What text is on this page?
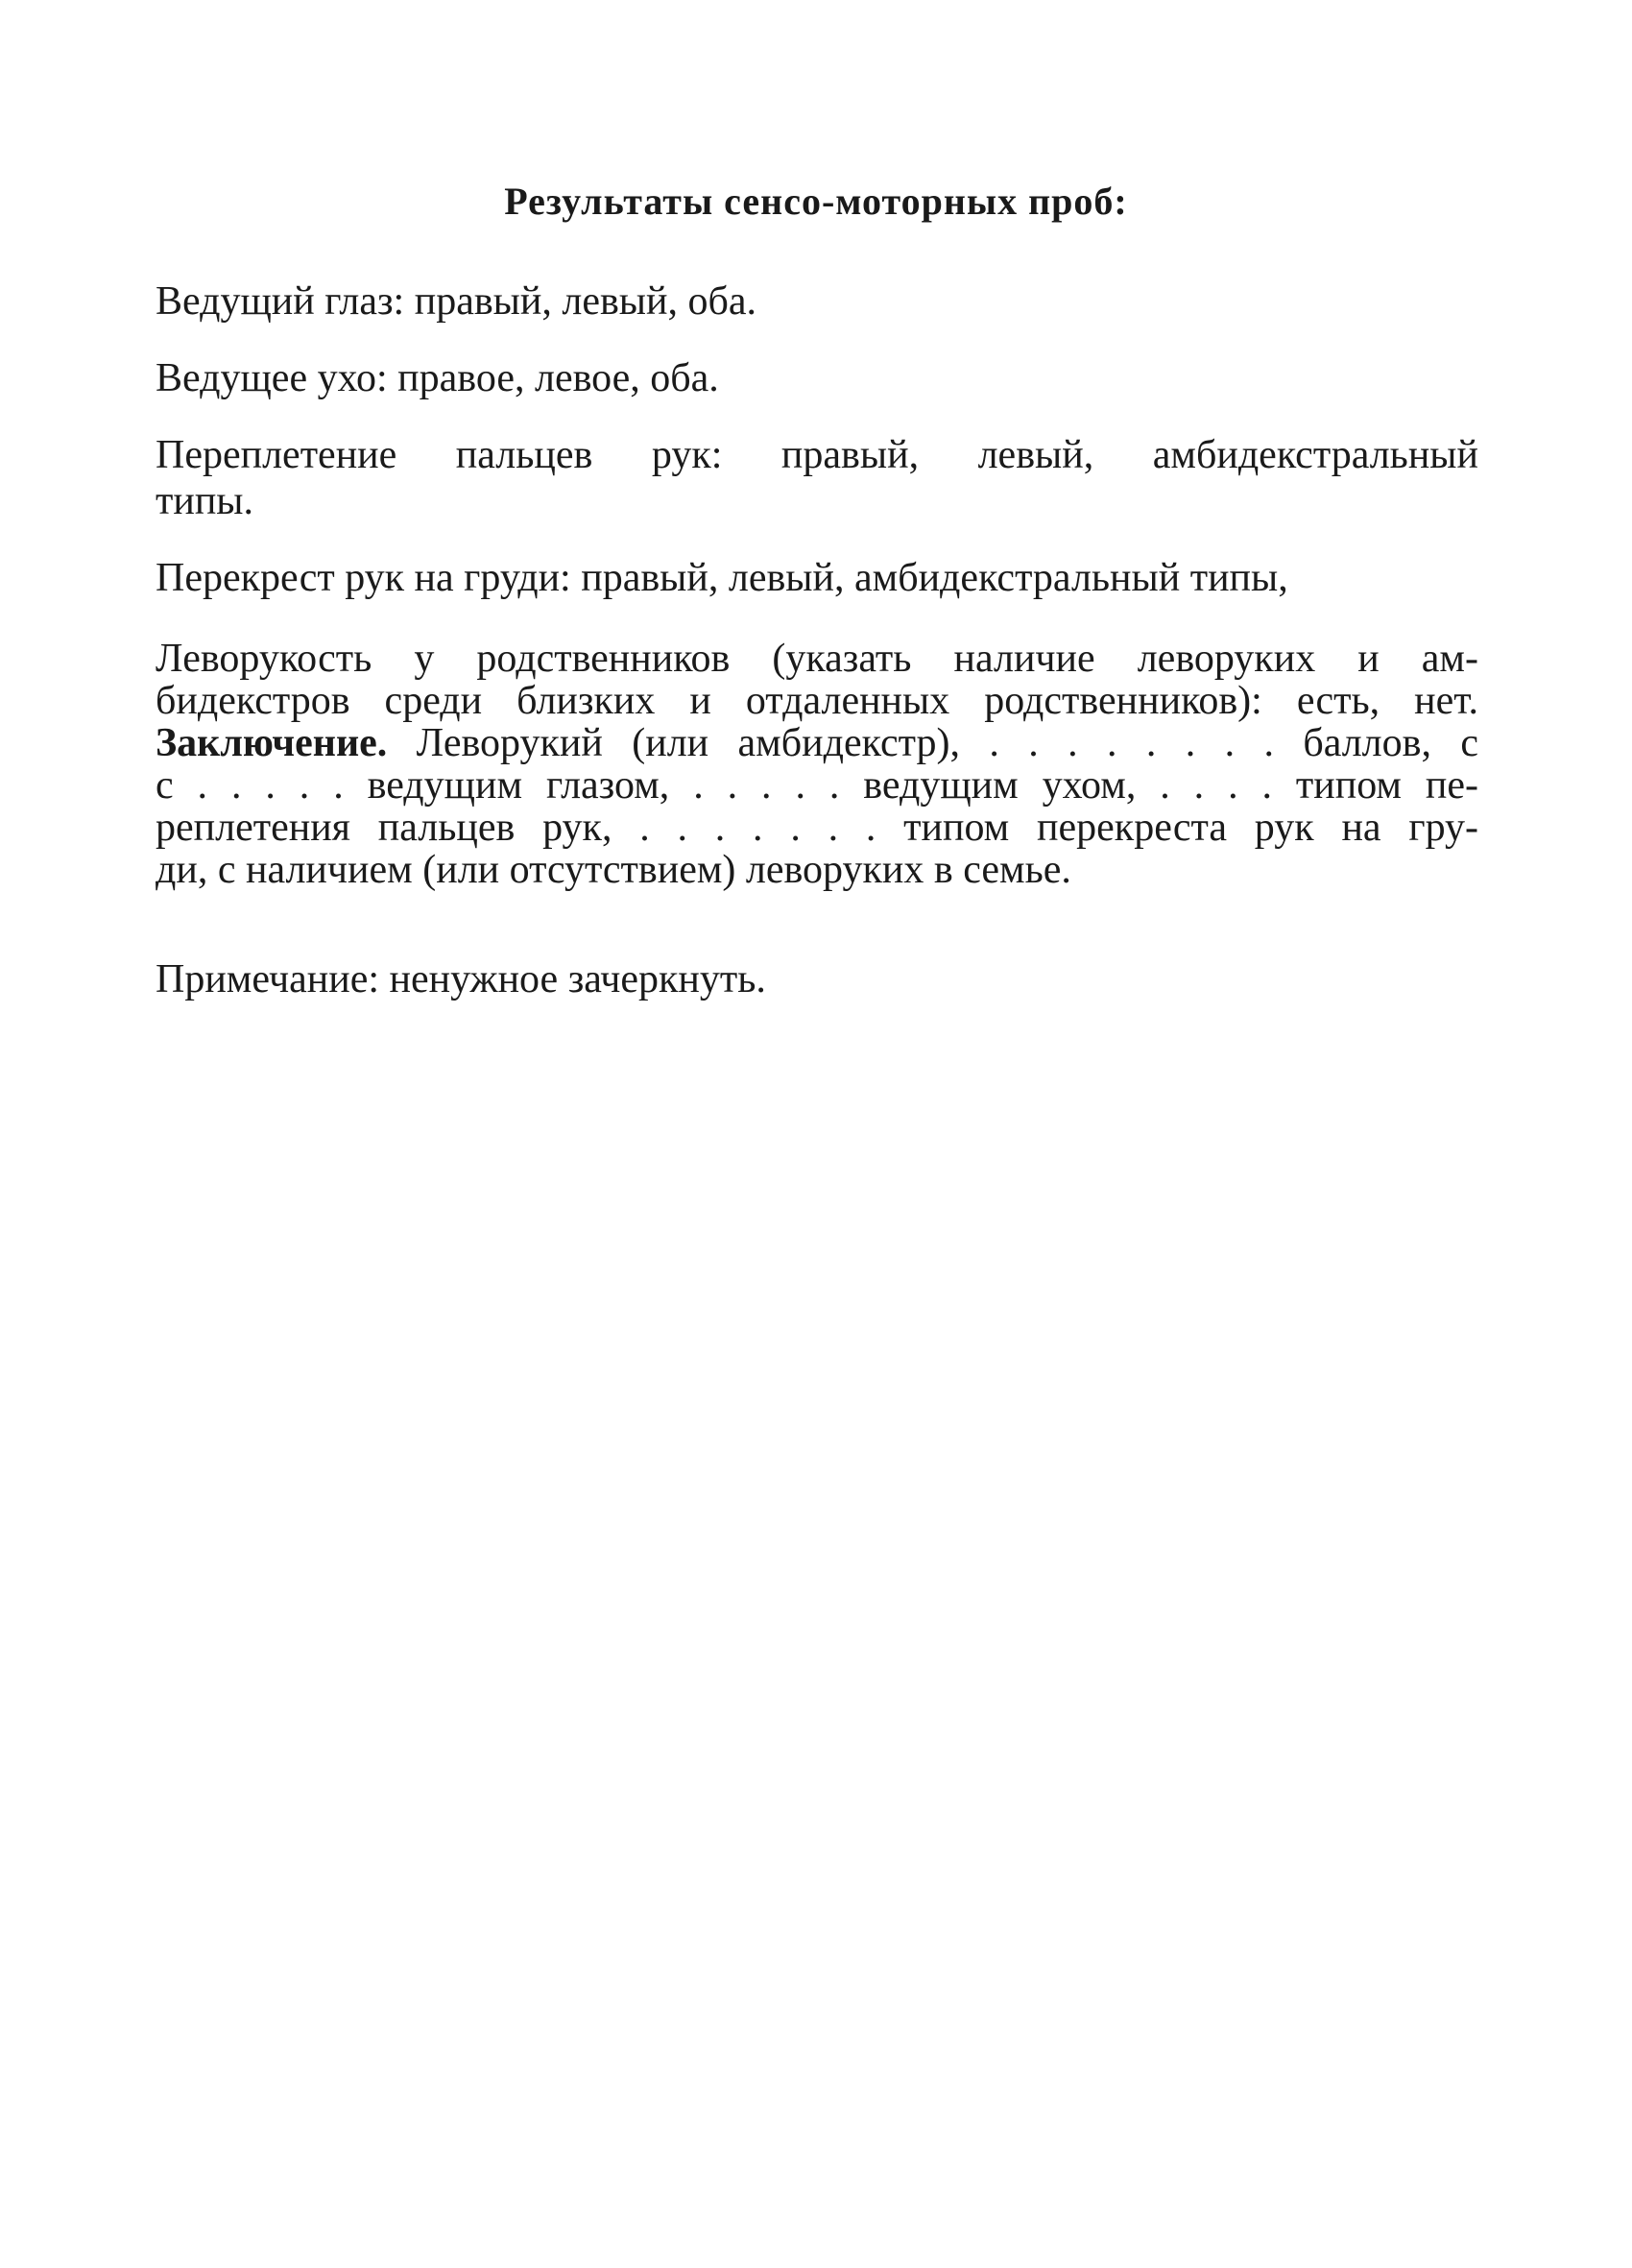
Результаты сенсо-моторных проб:
Ведущий глаз: правый, левый, оба.
Ведущее ухо: правое, левое, оба.
Переплетение пальцев рук: правый, левый, амбидекстральный
типы.
Перекрест рук на груди: правый, левый, амбидекстральный типы,
Леворукость у родственников (указать наличие леворуких и ам-
бидекстров среди близких и отдаленных родственников): есть, нет.
Заключение. Леворукий (или амбидекстр), . . . . . . . . баллов, с
с . . . . . ведущим глазом, . . . . . ведущим ухом, . . . . типом пе-
реплетения пальцев рук, . . . . . . . типом перекреста рук на гру-
ди, с наличием (или отсутствием) леворуких в семье.
Примечание: ненужное зачеркнуть.
